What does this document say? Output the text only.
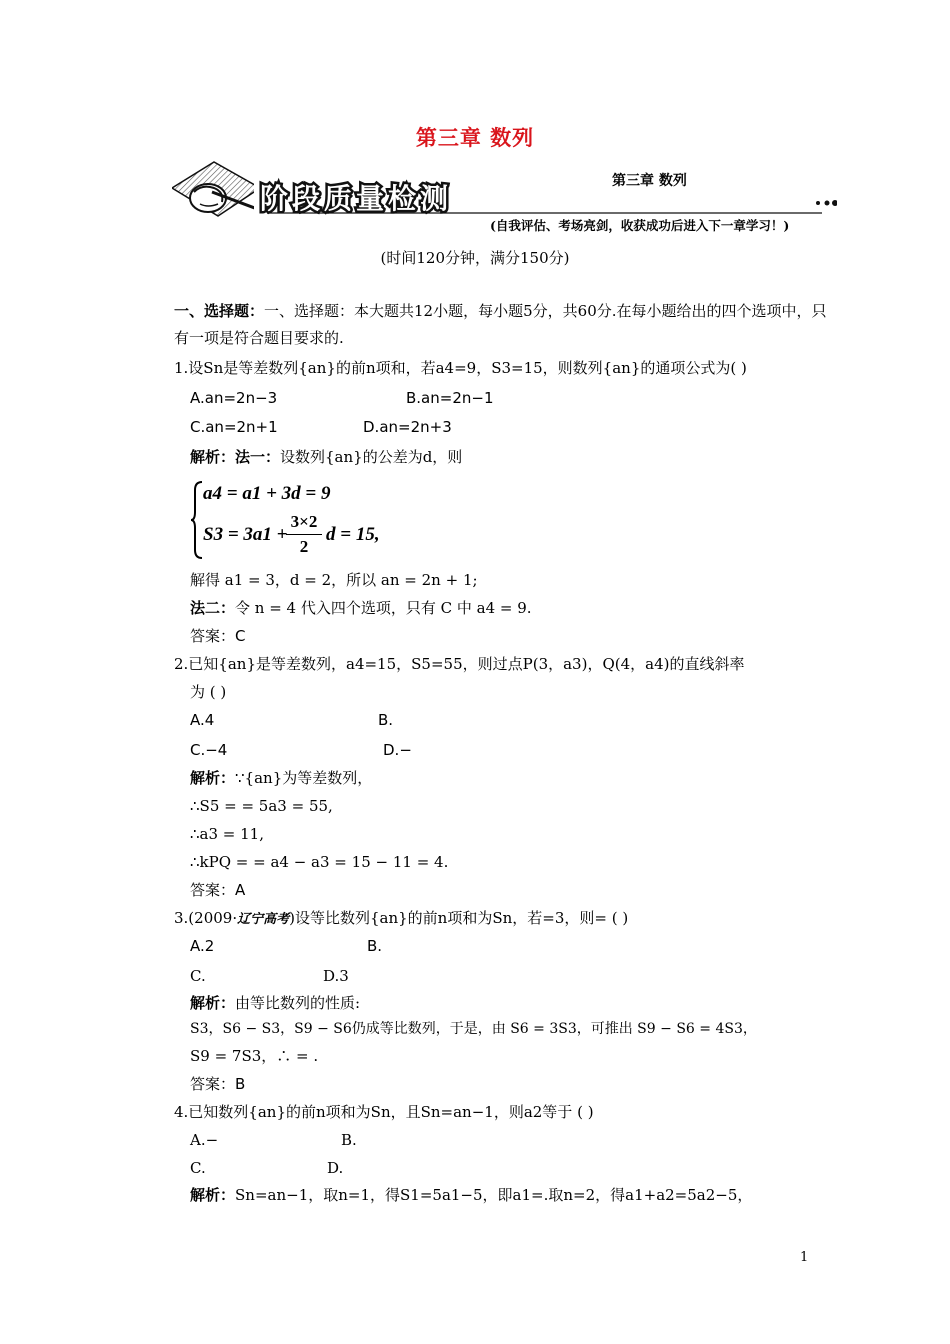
第三章 数列
阶段质量检测
第三章 数列
(自我评估、考场亮剑，收获成功后进入下一章学习！)
(时间120分钟，满分150分)
一、选择题：一、选择题：本大题共12小题，每小题5分，共60分.在每小题给出的四个选项中，只
有一项是符合题目要求的.
1.设Sn是等差数列{an}的前n项和，若a4=9，S3=15，则数列{an}的通项公式为( )
A.an=2n−3	B.an=2n−1
C.an=2n+1	D.an=2n+3
解析：法一：设数列{an}的公差为d，则
a4 = a1 + 3d = 9
S3 = 3a1 +
3×2
2
d = 15,
解得 a1 = 3，d = 2，所以 an = 2n + 1;
法二：令 n = 4 代入四个选项，只有 C 中 a4 = 9.
答案：C
2.已知{an}是等差数列，a4=15，S5=55，则过点P(3，a3)，Q(4，a4)的直线斜率
为 ( )
A.4	B.
C.−4	D.−
解析：∵{an}为等差数列，
∴S5 = = 5a3 = 55,
∴a3 = 11,
∴kPQ = = a4 − a3 = 15 − 11 = 4.
答案：A
3.(2009·辽宁高考)设等比数列{an}的前n项和为Sn，若=3，则= ( )
A.2	B.
C.	D.3
解析：由等比数列的性质:
S3，S6 − S3，S9 − S6仍成等比数列，于是，由 S6 = 3S3，可推出 S9 − S6 = 4S3，
S9 = 7S3，∴ = .
答案：B
4.已知数列{an}的前n项和为Sn，且Sn=an−1，则a2等于 ( )
A.−	B.
C.	D.
解析：Sn=an−1，取n=1，得S1=5a1−5，即a1=.取n=2，得a1+a2=5a2−5，
1
